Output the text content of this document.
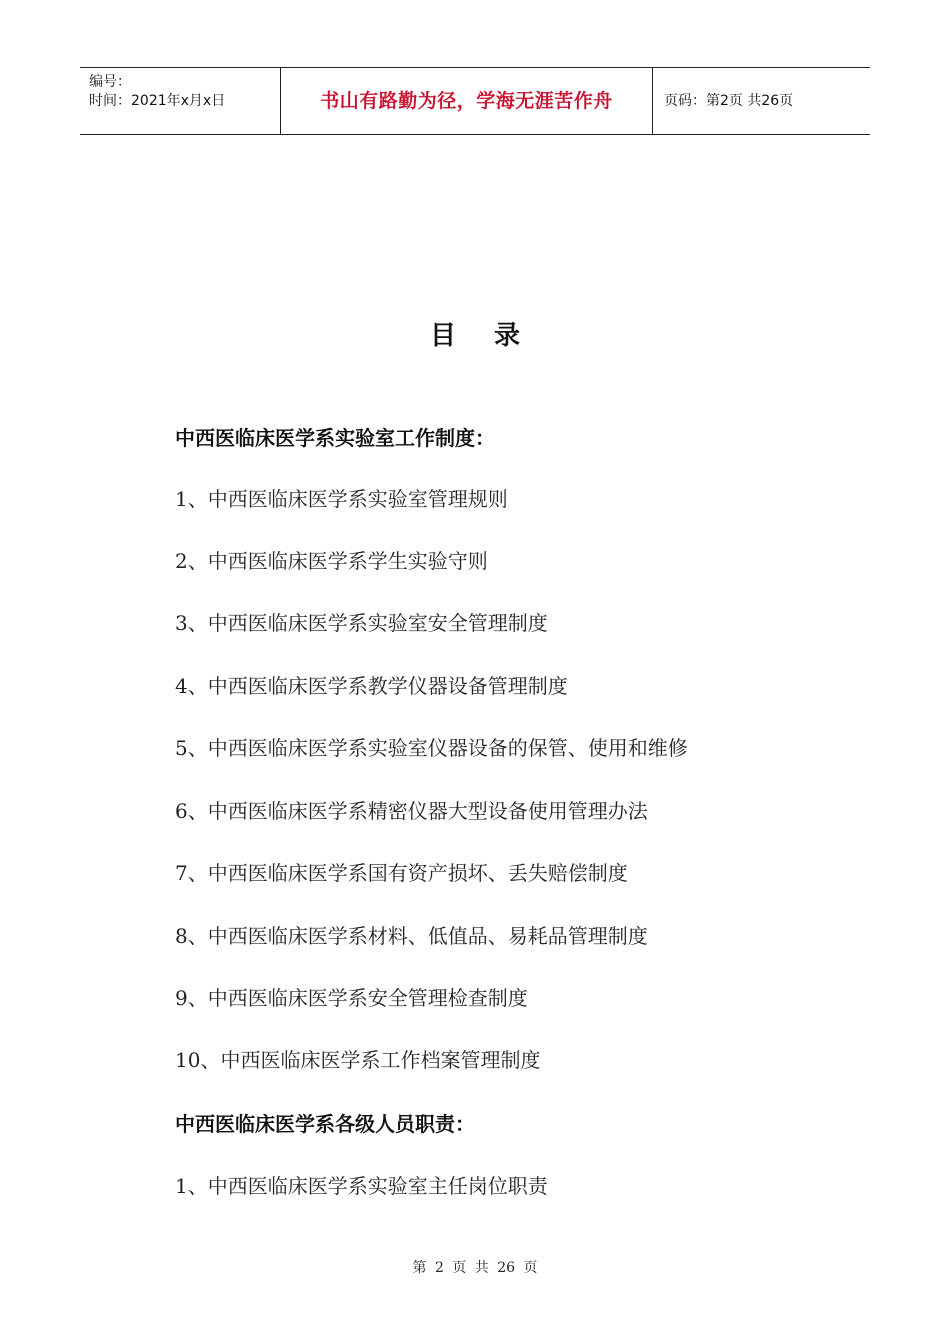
编号：
时间：2021年x月x日	书山有路勤为径，学海无涯苦作舟	页码：第2页 共26页
目录
中西医临床医学系实验室工作制度：
1、中西医临床医学系实验室管理规则
2、中西医临床医学系学生实验守则
3、中西医临床医学系实验室安全管理制度
4、中西医临床医学系教学仪器设备管理制度
5、中西医临床医学系实验室仪器设备的保管、使用和维修
6、中西医临床医学系精密仪器大型设备使用管理办法
7、中西医临床医学系国有资产损坏、丢失赔偿制度
8、中西医临床医学系材料、低值品、易耗品管理制度
9、中西医临床医学系安全管理检查制度
10、中西医临床医学系工作档案管理制度
中西医临床医学系各级人员职责：
1、中西医临床医学系实验室主任岗位职责
第 2 页 共 26 页
